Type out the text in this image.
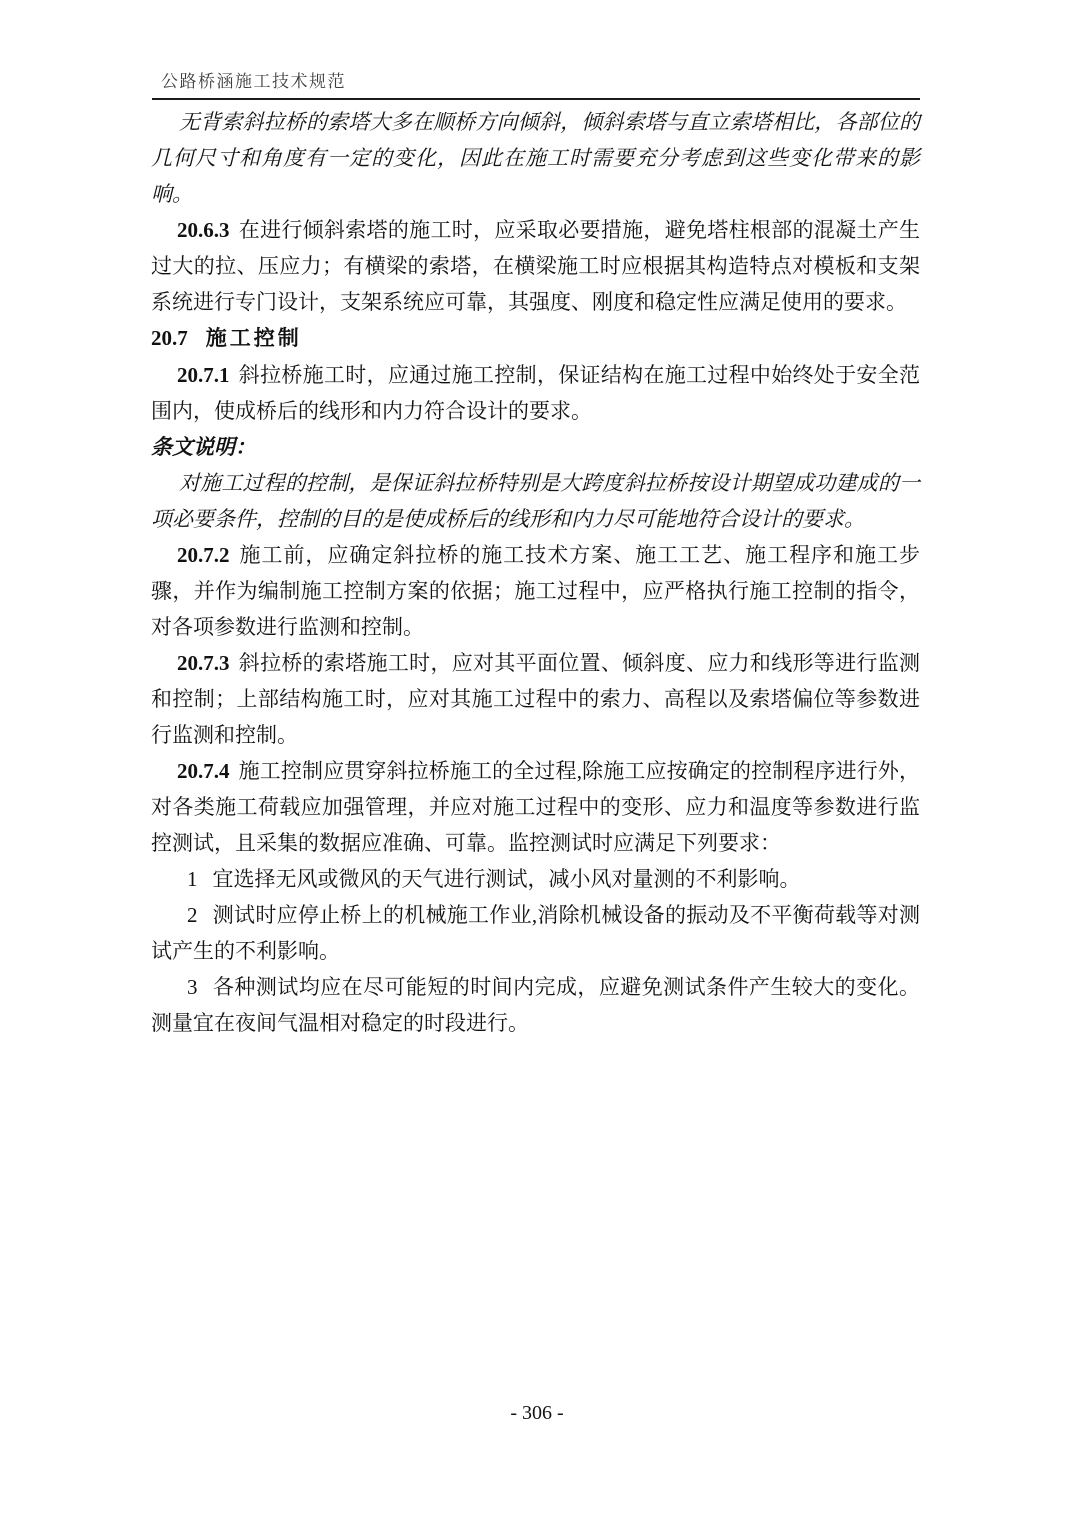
公路桥涵施工技术规范

无背索斜拉桥的索塔大多在顺桥方向倾斜，倾斜索塔与直立索塔相比，各部位的几何尺寸和角度有一定的变化，因此在施工时需要充分考虑到这些变化带来的影响。

20.6.3 在进行倾斜索塔的施工时，应采取必要措施，避免塔柱根部的混凝土产生过大的拉、压应力；有横梁的索塔，在横梁施工时应根据其构造特点对模板和支架系统进行专门设计，支架系统应可靠，其强度、刚度和稳定性应满足使用的要求。

20.7 施工控制

20.7.1 斜拉桥施工时，应通过施工控制，保证结构在施工过程中始终处于安全范围内，使成桥后的线形和内力符合设计的要求。

条文说明：

对施工过程的控制，是保证斜拉桥特别是大跨度斜拉桥按设计期望成功建成的一项必要条件，控制的目的是使成桥后的线形和内力尽可能地符合设计的要求。

20.7.2 施工前，应确定斜拉桥的施工技术方案、施工工艺、施工程序和施工步骤，并作为编制施工控制方案的依据；施工过程中，应严格执行施工控制的指令，对各项参数进行监测和控制。

20.7.3 斜拉桥的索塔施工时，应对其平面位置、倾斜度、应力和线形等进行监测和控制；上部结构施工时，应对其施工过程中的索力、高程以及索塔偏位等参数进行监测和控制。

20.7.4 施工控制应贯穿斜拉桥施工的全过程,除施工应按确定的控制程序进行外，对各类施工荷载应加强管理，并应对施工过程中的变形、应力和温度等参数进行监控测试，且采集的数据应准确、可靠。监控测试时应满足下列要求：

1 宜选择无风或微风的天气进行测试，减小风对量测的不利影响。

2 测试时应停止桥上的机械施工作业,消除机械设备的振动及不平衡荷载等对测试产生的不利影响。

3 各种测试均应在尽可能短的时间内完成，应避免测试条件产生较大的变化。测量宜在夜间气温相对稳定的时段进行。

- 306 -
